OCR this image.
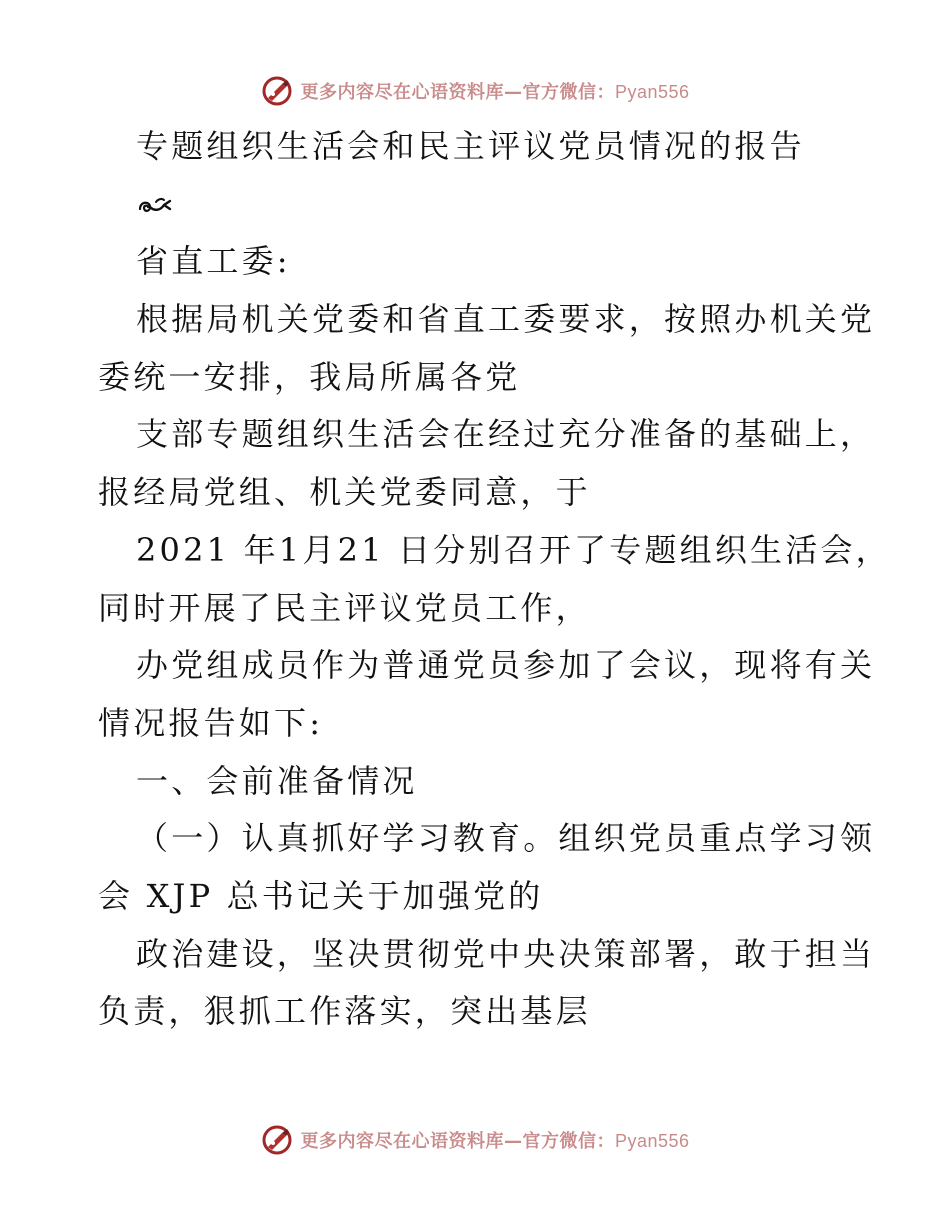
更多内容尽在心语资料库—官方微信：Pyan556
专题组织生活会和民主评议党员情况的报告
省直工委:
根据局机关党委和省直工委要求，按照办机关党
委统一安排，我局所属各党
支部专题组织生活会在经过充分准备的基础上，
报经局党组、机关党委同意，于
2021 年1月21 日分别召开了专题组织生活会，
同时开展了民主评议党员工作，
办党组成员作为普通党员参加了会议，现将有关
情况报告如下:
一、会前准备情况
（一）认真抓好学习教育。组织党员重点学习领
会 XJP 总书记关于加强党的
政治建设，坚决贯彻党中央决策部署，敢于担当
负责，狠抓工作落实，突出基层
更多内容尽在心语资料库—官方微信：Pyan556
